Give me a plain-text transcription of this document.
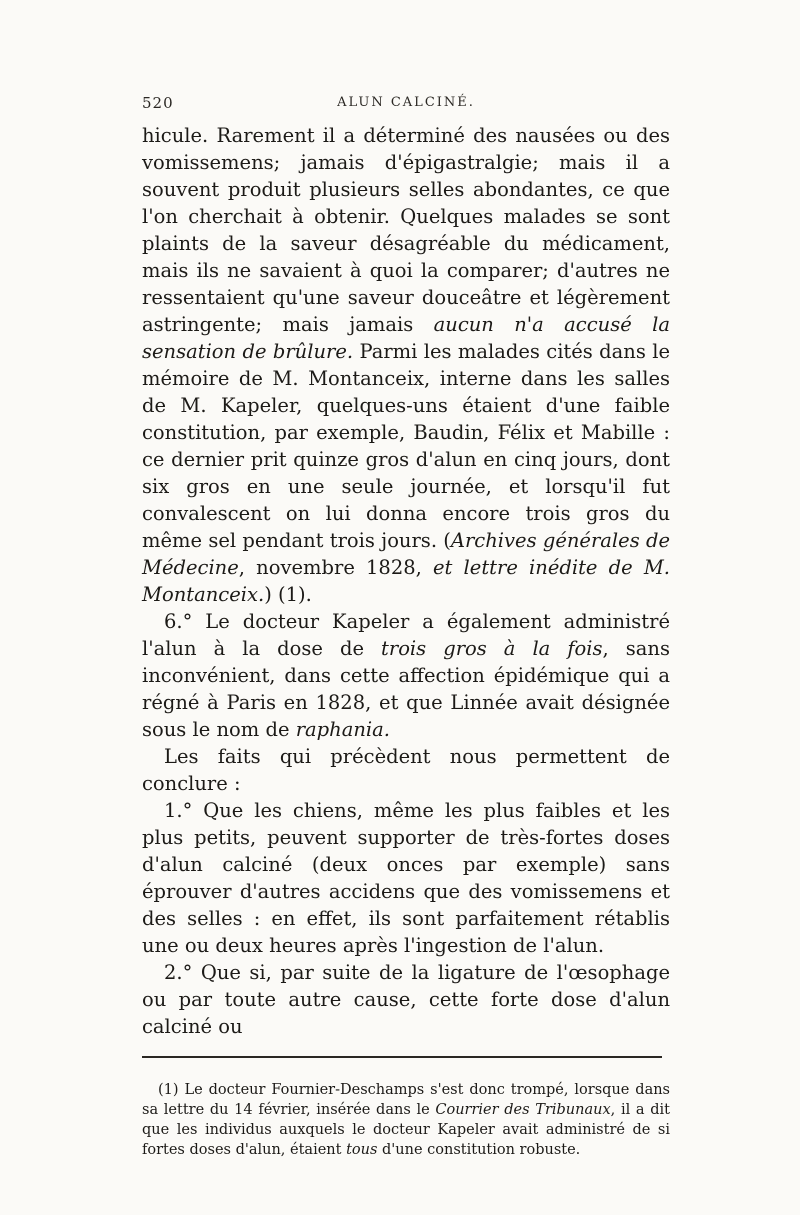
520	ALUN CALCINÉ.

hicule. Rarement il a déterminé des nausées ou des vomissemens; jamais d'épigastralgie; mais il a souvent produit plusieurs selles abondantes, ce que l'on cherchait à obtenir. Quelques malades se sont plaints de la saveur désagréable du médicament, mais ils ne savaient à quoi la comparer; d'autres ne ressentaient qu'une saveur douceâtre et légèrement astringente; mais jamais aucun n'a accusé la sensation de brûlure. Parmi les malades cités dans le mémoire de M. Montanceix, interne dans les salles de M. Kapeler, quelques-uns étaient d'une faible constitution, par exemple, Baudin, Félix et Mabille : ce dernier prit quinze gros d'alun en cinq jours, dont six gros en une seule journée, et lorsqu'il fut convalescent on lui donna encore trois gros du même sel pendant trois jours. (Archives générales de Médecine, novembre 1828, et lettre inédite de M. Montanceix.) (1).

6.° Le docteur Kapeler a également administré l'alun à la dose de trois gros à la fois, sans inconvénient, dans cette affection épidémique qui a régné à Paris en 1828, et que Linnée avait désignée sous le nom de raphania.

Les faits qui précèdent nous permettent de conclure :

1.° Que les chiens, même les plus faibles et les plus petits, peuvent supporter de très-fortes doses d'alun calciné (deux onces par exemple) sans éprouver d'autres accidens que des vomissemens et des selles : en effet, ils sont parfaitement rétablis une ou deux heures après l'ingestion de l'alun.

2.° Que si, par suite de la ligature de l'œsophage ou par toute autre cause, cette forte dose d'alun calciné ou

(1) Le docteur Fournier-Deschamps s'est donc trompé, lorsque dans sa lettre du 14 février, insérée dans le Courrier des Tribunaux, il a dit que les individus auxquels le docteur Kapeler avait administré de si fortes doses d'alun, étaient tous d'une constitution robuste.
